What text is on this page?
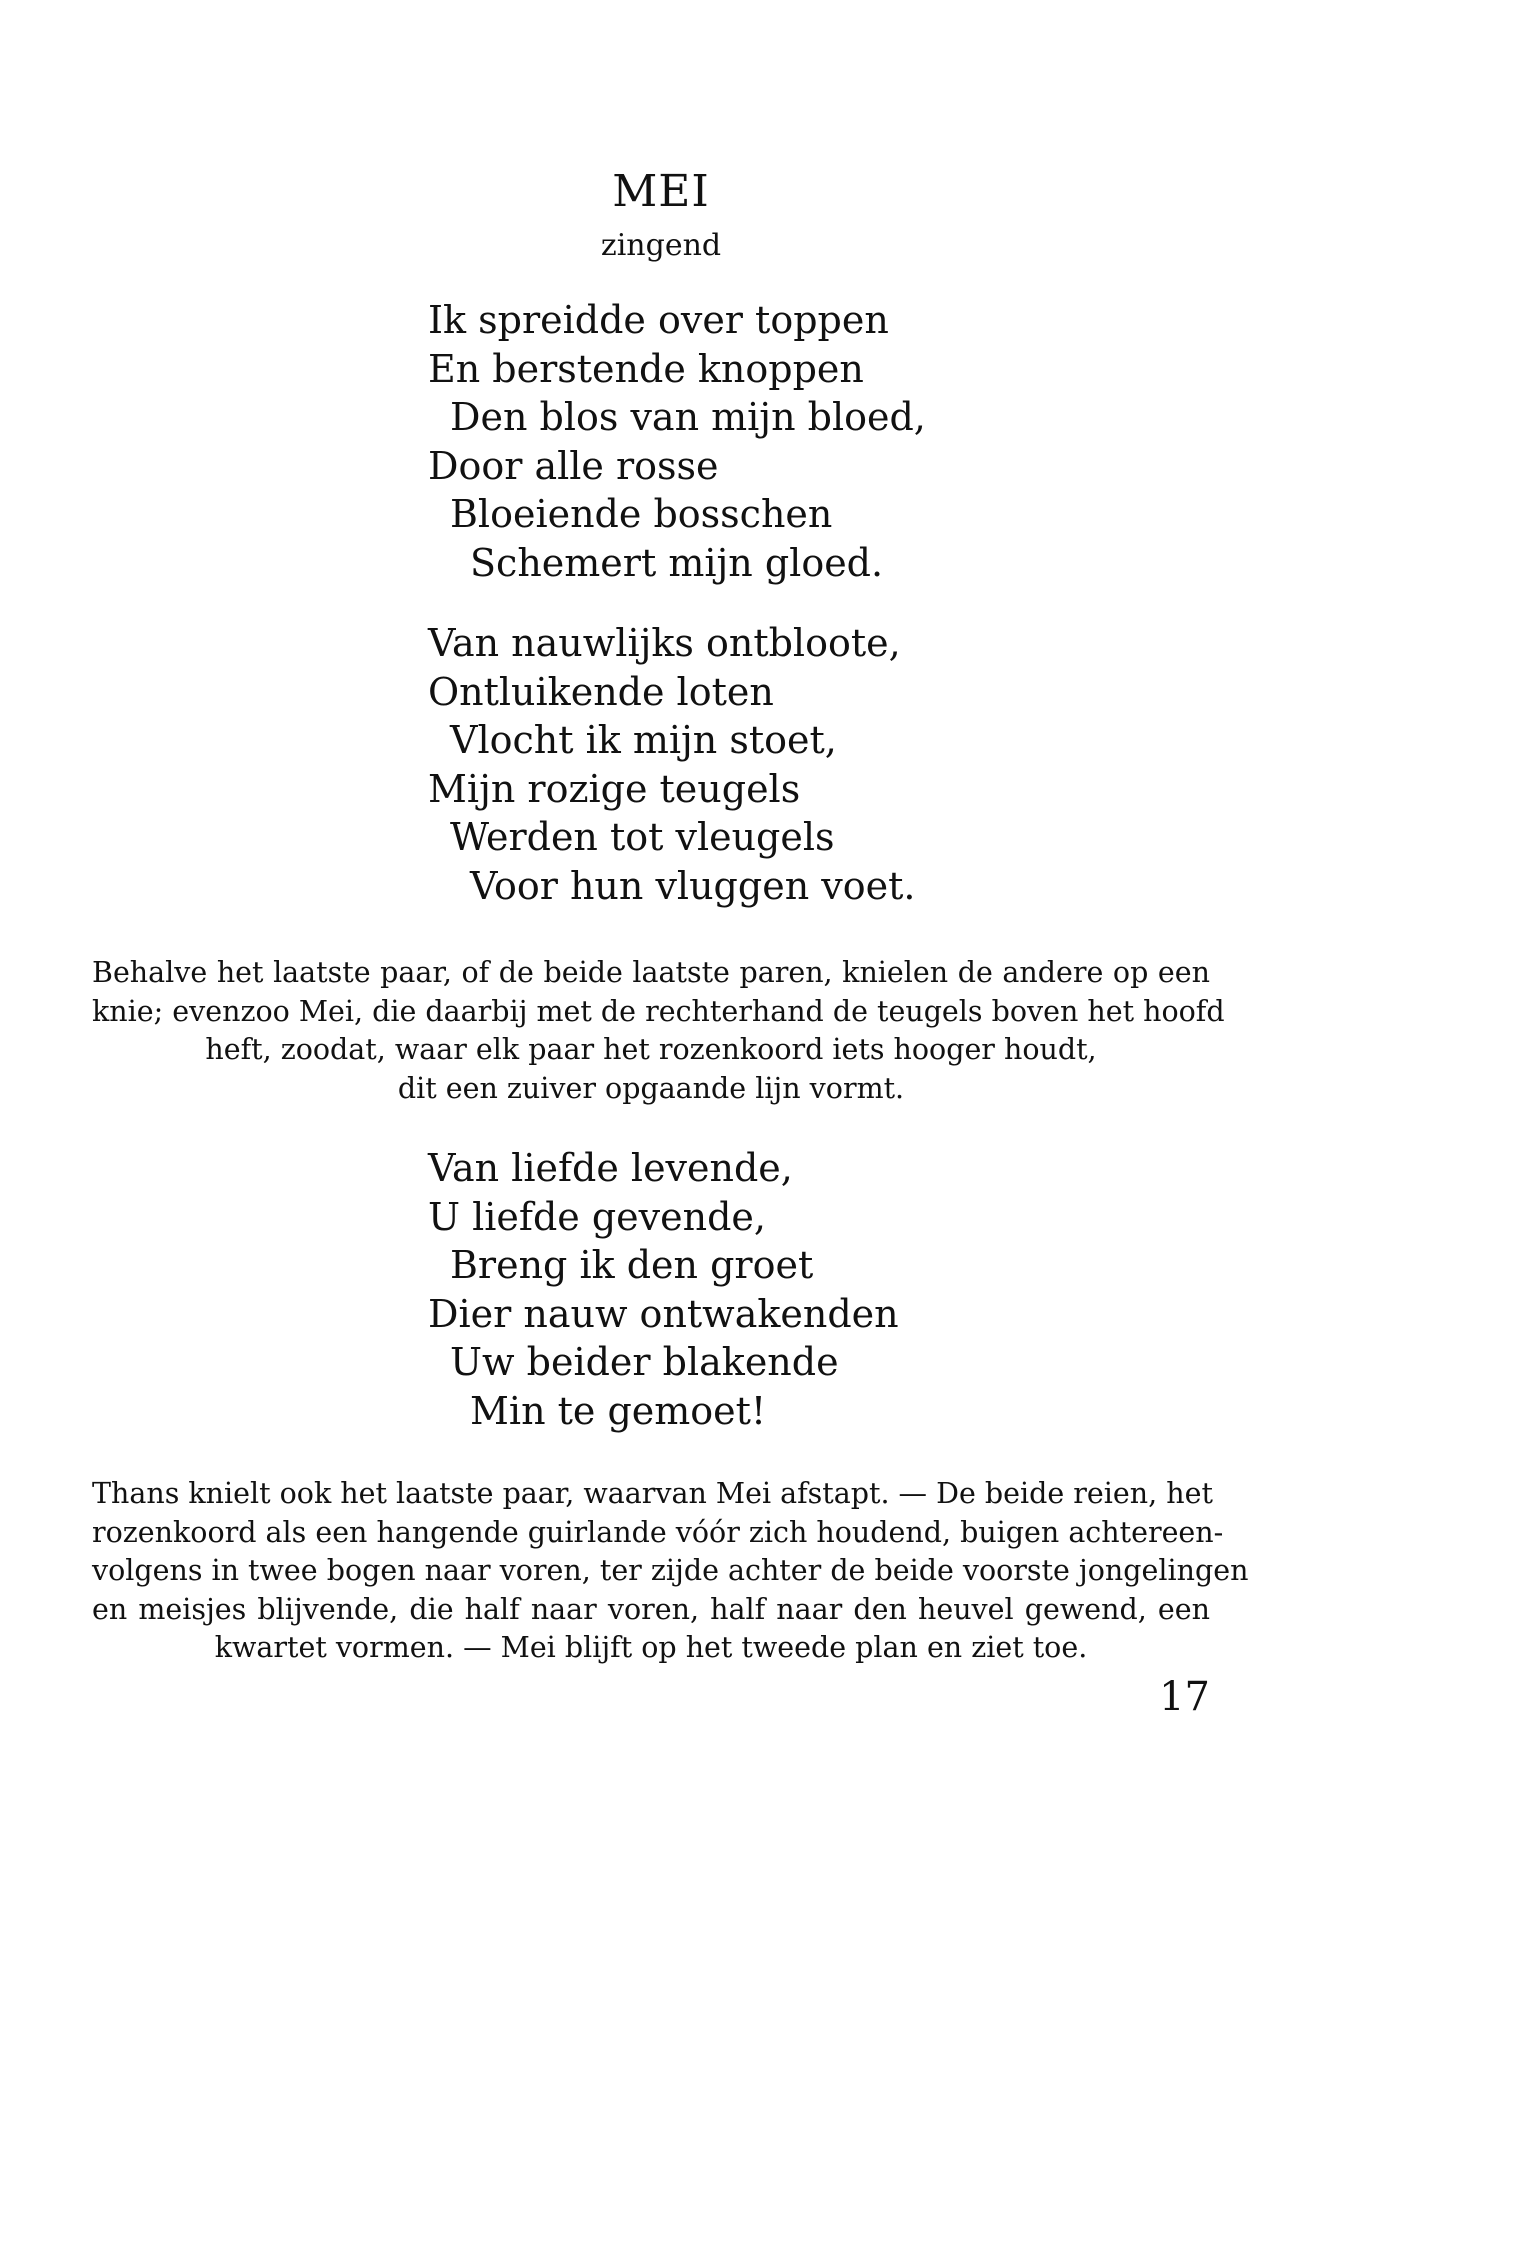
MEI
zingend
Ik spreidde over toppen
En berstende knoppen
Den blos van mijn bloed,
Door alle rosse
Bloeiende bosschen
Schemert mijn gloed.
Van nauwlijks ontbloote,
Ontluikende loten
Vlocht ik mijn stoet,
Mijn rozige teugels
Werden tot vleugels
Voor hun vluggen voet.
Behalve het laatste paar, of de beide laatste paren, knielen de andere op een
knie; evenzoo Mei, die daarbij met de rechterhand de teugels boven het hoofd
heft, zoodat, waar elk paar het rozenkoord iets hooger houdt,
dit een zuiver opgaande lijn vormt.
Van liefde levende,
U liefde gevende,
Breng ik den groet
Dier nauw ontwakenden
Uw beider blakende
Min te gemoet!
Thans knielt ook het laatste paar, waarvan Mei afstapt. — De beide reien, het
rozenkoord als een hangende guirlande vóór zich houdend, buigen achtereen-
volgens in twee bogen naar voren, ter zijde achter de beide voorste jongelingen
en meisjes blijvende, die half naar voren, half naar den heuvel gewend, een
kwartet vormen. — Mei blijft op het tweede plan en ziet toe.
17
